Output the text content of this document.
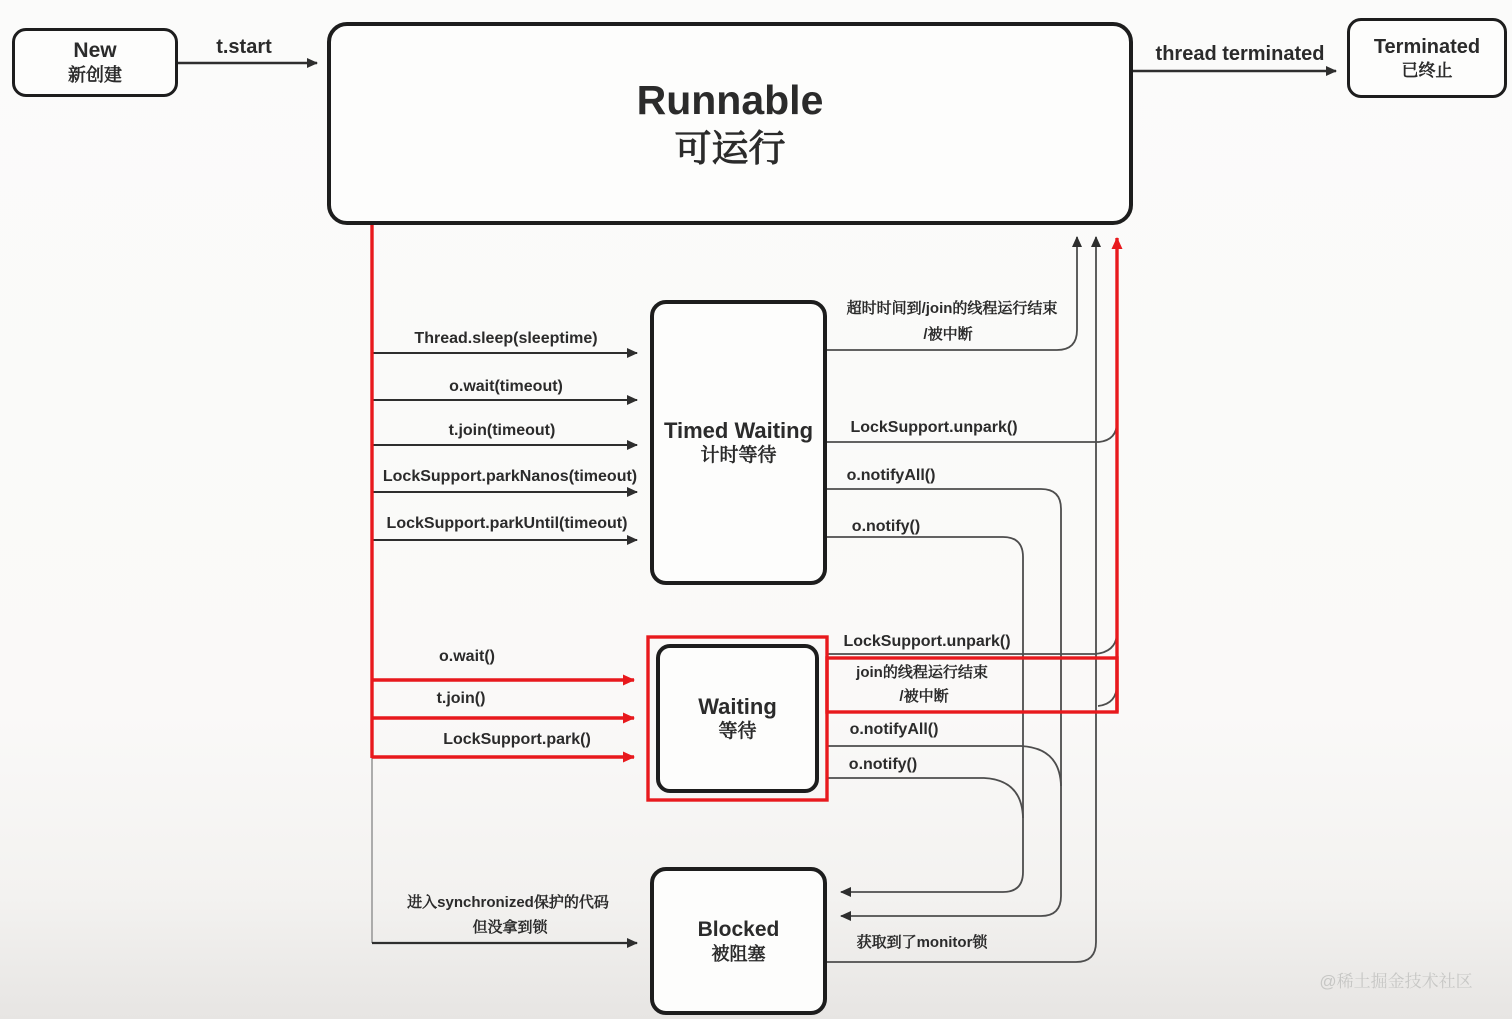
New
新创建
Runnable
可运行
Terminated
已终止
Timed Waiting
计时等待
Waiting
等待
Blocked
被阻塞
t.start	thread terminated
Thread.sleep(sleeptime)
o.wait(timeout)
t.join(timeout)
LockSupport.parkNanos(timeout)
LockSupport.parkUntil(timeout)
超时时间到/join的线程运行结束
/被中断
LockSupport.unpark()
o.notifyAll()
o.notify()
o.wait()
t.join()
LockSupport.park()
LockSupport.unpark()
join的线程运行结束
/被中断
o.notifyAll()
o.notify()
进入synchronized保护的代码
但没拿到锁
获取到了monitor锁
@稀土掘金技术社区
